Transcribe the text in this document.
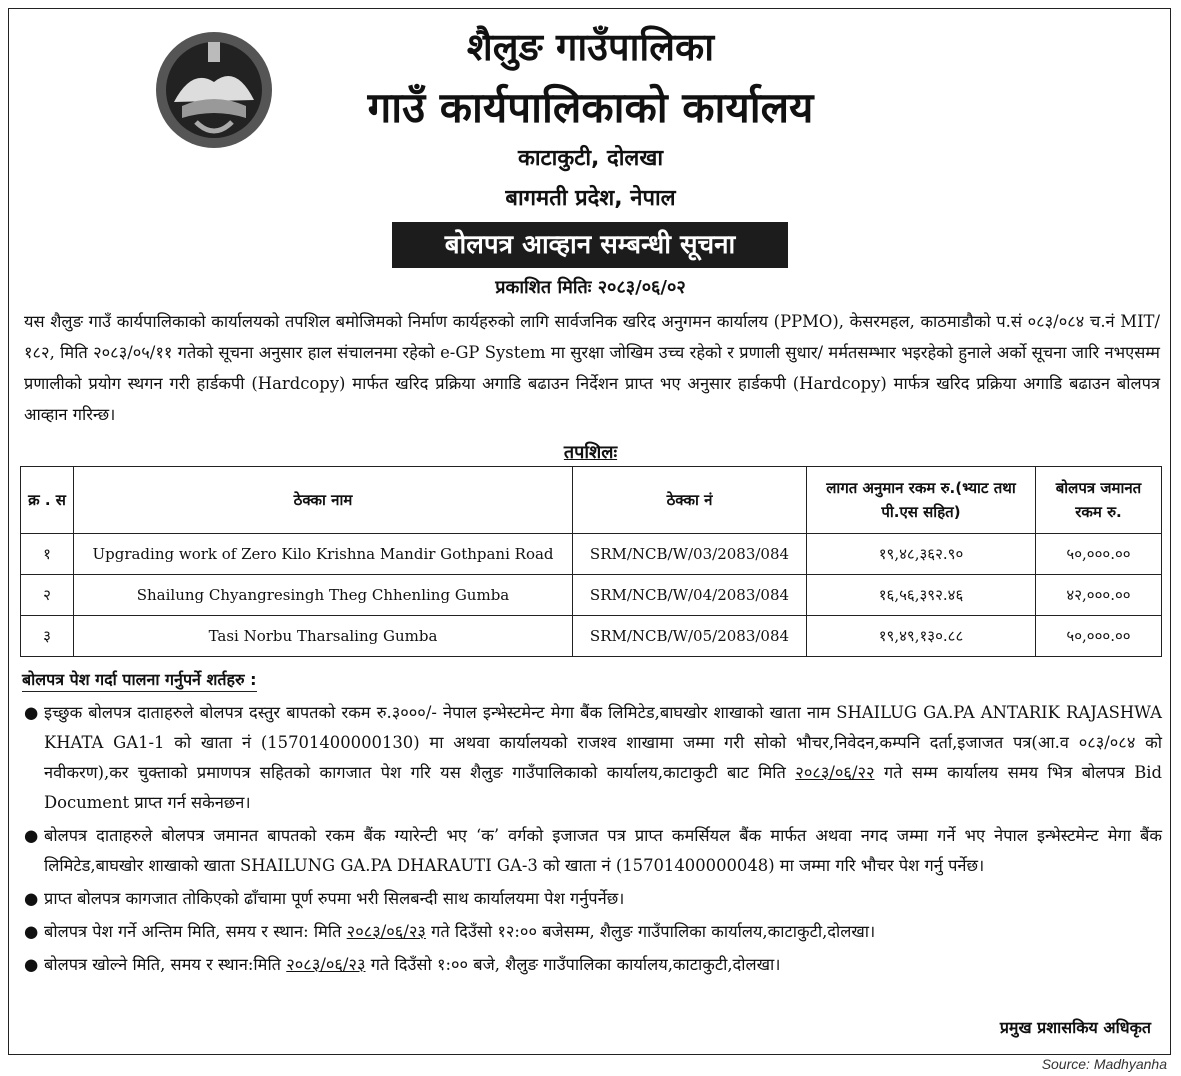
शैलुङ गाउँपालिका
गाउँ कार्यपालिकाको कार्यालय
काटाकुटी, दोलखा
बागमती प्रदेश, नेपाल
बोलपत्र आव्हान सम्बन्धी सूचना
प्रकाशित मितिः २०८३/०६/०२

यस शैलुङ गाउँ कार्यपालिकाको कार्यालयको तपशिल बमोजिमको निर्माण कार्यहरुको लागि सार्वजनिक खरिद अनुगमन कार्यालय (PPMO), केसरमहल, काठमाडौको प.सं ०८३/०८४ च.नं MIT/१८२, मिति २०८३/०५/११ गतेको सूचना अनुसार हाल संचालनमा रहेको e-GP System मा सुरक्षा जोखिम उच्च रहेको र प्रणाली सुधार/ मर्मतसम्भार भइरहेको हुनाले अर्को सूचना जारि नभएसम्म प्रणालीको प्रयोग स्थगन गरी हार्डकपी (Hardcopy) मार्फत खरिद प्रक्रिया अगाडि बढाउन निर्देशन प्राप्त भए अनुसार हार्डकपी (Hardcopy) मार्फत्र खरिद प्रक्रिया अगाडि बढाउन बोलपत्र आव्हान गरिन्छ।

तपशिलः
क्र . स	ठेक्का नाम	ठेक्का नं	लागत अनुमान रकम रु.(भ्याट तथा पी.एस सहित)	बोलपत्र जमानत रकम रु.
१	Upgrading work of Zero Kilo Krishna Mandir Gothpani Road	SRM/NCB/W/03/2083/084	१९,४८,३६२.९०	५०,०००.००
२	Shailung Chyangresingh Theg Chhenling Gumba	SRM/NCB/W/04/2083/084	१६,५६,३९२.४६	४२,०००.००
३	Tasi Norbu Tharsaling Gumba	SRM/NCB/W/05/2083/084	१९,४९,१३०.८८	५०,०००.००
बोलपत्र पेश गर्दा पालना गर्नुपर्ने शर्तहरु :
● इच्छुक बोलपत्र दाताहरुले बोलपत्र दस्तुर बापतको रकम रु.३०००/- नेपाल इन्भेस्टमेन्ट मेगा बैंक लिमिटेड,बाघखोर शाखाको खाता नाम SHAILUG GA.PA ANTARIK RAJASHWA KHATA GA1-1 को खाता नं (15701400000130) मा अथवा कार्यालयको राजश्व शाखामा जम्मा गरी सोको भौचर,निवेदन,कम्पनि दर्ता,इजाजत पत्र(आ.व ०८३/०८४ को नवीकरण),कर चुक्ताको प्रमाणपत्र सहितको कागजात पेश गरि यस शैलुङ गाउँपालिकाको कार्यालय,काटाकुटी बाट मिति २०८३/०६/२२ गते सम्म कार्यालय समय भित्र बोलपत्र Bid Document प्राप्त गर्न सकेनछन।
● बोलपत्र दाताहरुले बोलपत्र जमानत बापतको रकम बैंक ग्यारेन्टी भए ‘क’ वर्गको इजाजत पत्र प्राप्त कमर्सियल बैंक मार्फत अथवा नगद जम्मा गर्ने भए नेपाल इन्भेस्टमेन्ट मेगा बैंक लिमिटेड,बाघखोर शाखाको खाता SHAILUNG GA.PA DHARAUTI GA-3 को खाता नं (15701400000048) मा जम्मा गरि भौचर पेश गर्नु पर्नेछ।
● प्राप्त बोलपत्र कागजात तोकिएको ढाँचामा पूर्ण रुपमा भरी सिलबन्दी साथ कार्यालयमा पेश गर्नुपर्नेछ।
● बोलपत्र पेश गर्ने अन्तिम मिति, समय र स्थान: मिति २०८३/०६/२३ गते दिउँसो १२:०० बजेसम्म, शैलुङ गाउँपालिका कार्यालय,काटाकुटी,दोलखा।
● बोलपत्र खोल्ने मिति, समय र स्थान:मिति २०८३/०६/२३ गते दिउँसो १:०० बजे, शैलुङ गाउँपालिका कार्यालय,काटाकुटी,दोलखा।
प्रमुख प्रशासकिय अधिकृत
Source: Madhyanha
